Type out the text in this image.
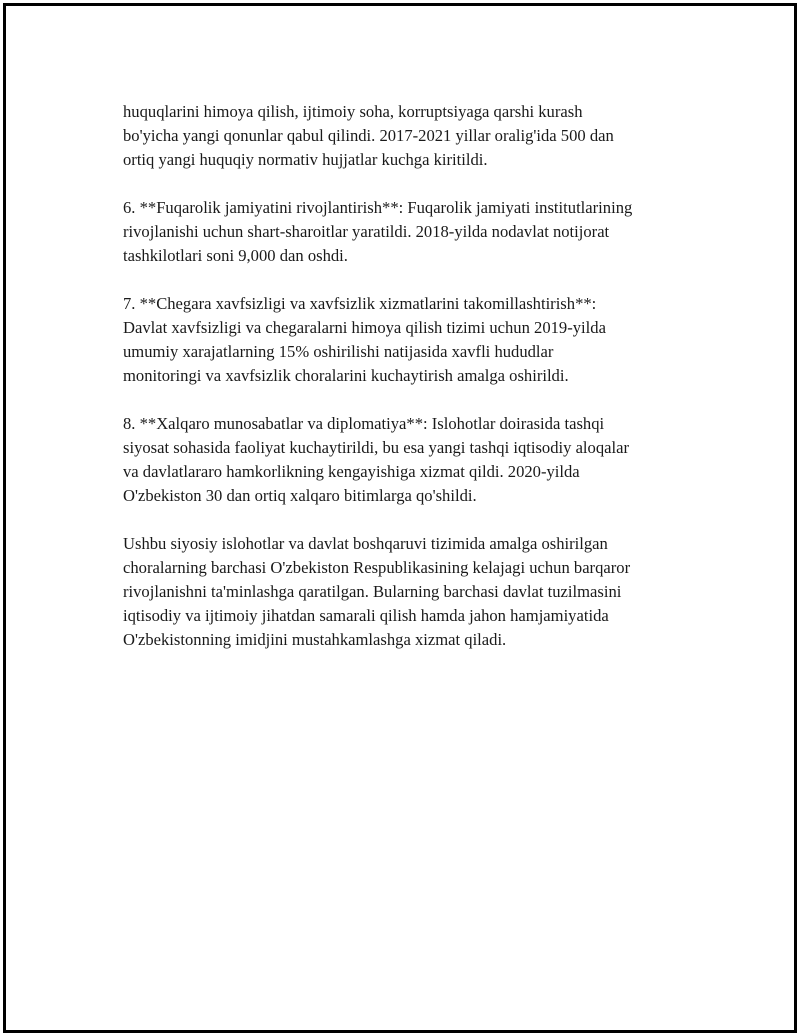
huquqlarini himoya qilish, ijtimoiy soha, korruptsiyaga qarshi kurash
bo'yicha yangi qonunlar qabul qilindi. 2017-2021 yillar oralig'ida 500 dan
ortiq yangi huquqiy normativ hujjatlar kuchga kiritildi.

6. **Fuqarolik jamiyatini rivojlantirish**: Fuqarolik jamiyati institutlarining
rivojlanishi uchun shart-sharoitlar yaratildi. 2018-yilda nodavlat notijorat
tashkilotlari soni 9,000 dan oshdi.

7. **Chegara xavfsizligi va xavfsizlik xizmatlarini takomillashtirish**:
Davlat xavfsizligi va chegaralarni himoya qilish tizimi uchun 2019-yilda
umumiy xarajatlarning 15% oshirilishi natijasida xavfli hududlar
monitoringi va xavfsizlik choralarini kuchaytirish amalga oshirildi.

8. **Xalqaro munosabatlar va diplomatiya**: Islohotlar doirasida tashqi
siyosat sohasida faoliyat kuchaytirildi, bu esa yangi tashqi iqtisodiy aloqalar
va davlatlararo hamkorlikning kengayishiga xizmat qildi. 2020-yilda
O'zbekiston 30 dan ortiq xalqaro bitimlarga qo'shildi.

Ushbu siyosiy islohotlar va davlat boshqaruvi tizimida amalga oshirilgan
choralarning barchasi O'zbekiston Respublikasining kelajagi uchun barqaror
rivojlanishni ta'minlashga qaratilgan. Bularning barchasi davlat tuzilmasini
iqtisodiy va ijtimoiy jihatdan samarali qilish hamda jahon hamjamiyatida
O'zbekistonning imidjini mustahkamlashga xizmat qiladi.
